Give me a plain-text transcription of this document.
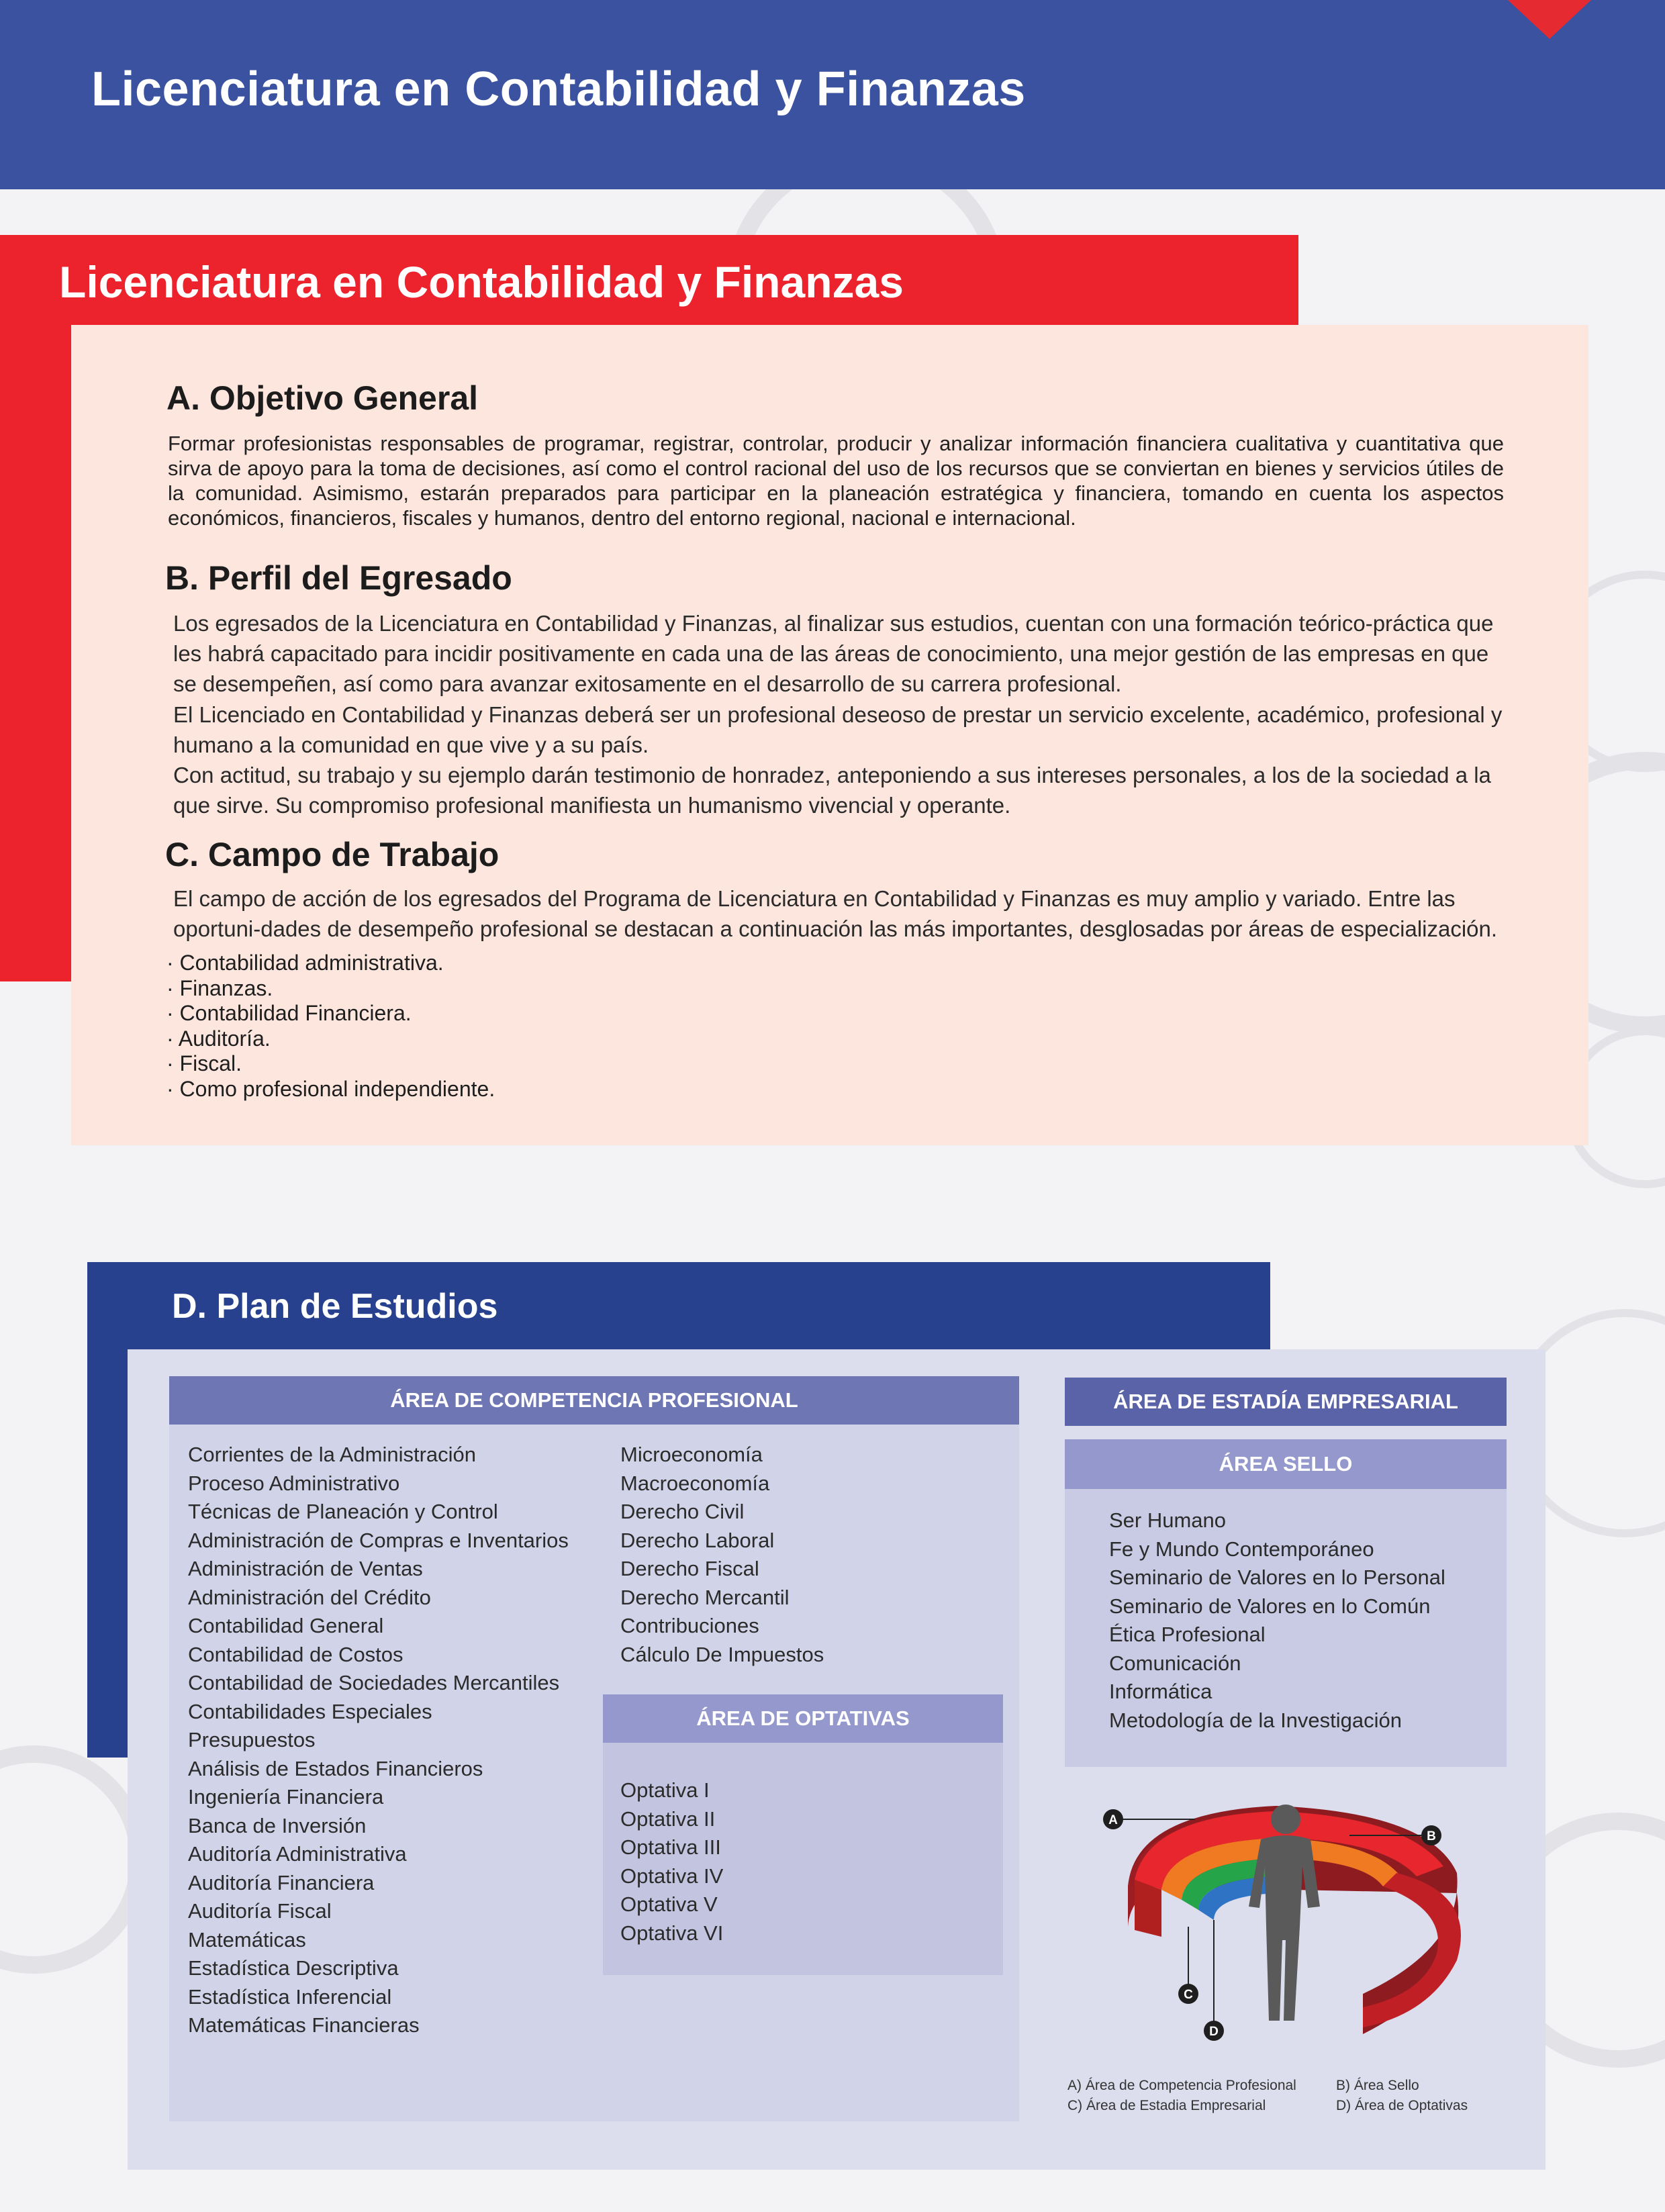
Licenciatura en Contabilidad y Finanzas
Licenciatura en Contabilidad y Finanzas
A. Objetivo General
Formar profesionistas responsables de programar, registrar, controlar, producir y analizar información financiera cualitativa y cuantitativa que sirva de apoyo para la toma de decisiones, así como el control racional del uso de los recursos que se conviertan en bienes y servicios útiles de la comunidad. Asimismo, estarán preparados para participar en la planeación estratégica y financiera, tomando en cuenta los aspectos económicos, financieros, fiscales y humanos, dentro del entorno regional, nacional e internacional.
B. Perfil del Egresado
Los egresados de la Licenciatura en Contabilidad y Finanzas, al finalizar sus estudios, cuentan con una formación teórico-práctica que les habrá capacitado para incidir positivamente en cada una de las áreas de conocimiento, una mejor gestión de las empresas en que se desempeñen, así como para avanzar exitosamente en el desarrollo de su carrera profesional.
El Licenciado en Contabilidad y Finanzas deberá ser un profesional deseoso de prestar un servicio excelente, académico, profesional y humano a la comunidad en que vive y a su país.
Con actitud, su trabajo y su ejemplo darán testimonio de honradez, anteponiendo a sus intereses personales, a los de la sociedad a la que sirve. Su compromiso profesional manifiesta un humanismo vivencial y operante.
C. Campo de Trabajo
El campo de acción de los egresados del Programa de Licenciatura en Contabilidad y Finanzas es muy amplio y variado. Entre las oportuni-dades de desempeño profesional se destacan a continuación las más importantes, desglosadas por áreas de especialización.
· Contabilidad administrativa.
· Finanzas.
· Contabilidad Financiera.
· Auditoría.
· Fiscal.
· Como profesional independiente.
D. Plan de Estudios
ÁREA DE COMPETENCIA PROFESIONAL
Corrientes de la Administración
Proceso Administrativo
Técnicas de Planeación y Control
Administración de Compras e Inventarios
Administración de Ventas
Administración del Crédito
Contabilidad General
Contabilidad de Costos
Contabilidad de Sociedades Mercantiles
Contabilidades Especiales
Presupuestos
Análisis de Estados Financieros
Ingeniería Financiera
Banca de Inversión
Auditoría Administrativa
Auditoría Financiera
Auditoría Fiscal
Matemáticas
Estadística Descriptiva
Estadística Inferencial
Matemáticas Financieras
Microeconomía
Macroeconomía
Derecho Civil
Derecho Laboral
Derecho Fiscal
Derecho Mercantil
Contribuciones
Cálculo De Impuestos
ÁREA DE OPTATIVAS
Optativa I
Optativa II
Optativa III
Optativa IV
Optativa V
Optativa VI
ÁREA DE ESTADÍA EMPRESARIAL
ÁREA SELLO
Ser Humano
Fe y Mundo Contemporáneo
Seminario de Valores en lo Personal
Seminario de Valores en lo Común
Ética Profesional
Comunicación
Informática
Metodología de la Investigación
A
B
C
D
A) Área de Competencia Profesional
C) Área de Estadia Empresarial
B) Área Sello
D) Área de Optativas
